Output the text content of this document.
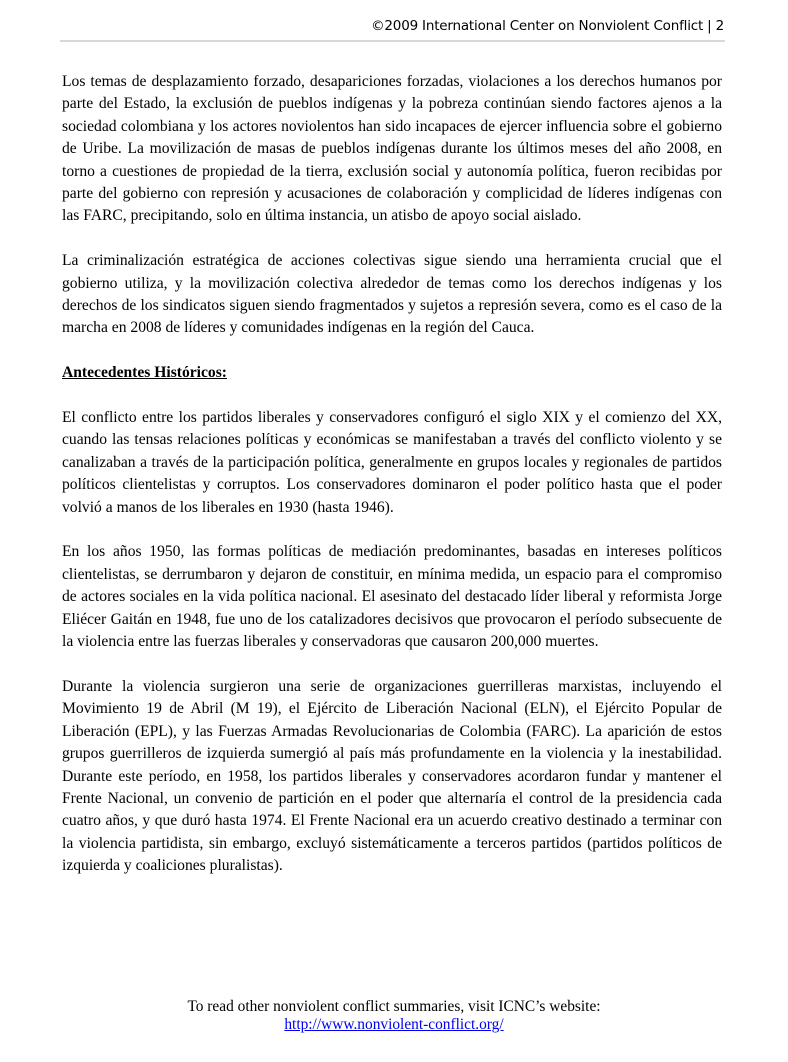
©2009 International Center on Nonviolent Conflict | 2

Los temas de desplazamiento forzado, desapariciones forzadas, violaciones a los derechos humanos por parte del Estado, la exclusión de pueblos indígenas y la pobreza continúan siendo factores ajenos a la sociedad colombiana y los actores noviolentos han sido incapaces de ejercer influencia sobre el gobierno de Uribe. La movilización de masas de pueblos indígenas durante los últimos meses del año 2008, en torno a cuestiones de propiedad de la tierra, exclusión social y autonomía política, fueron recibidas por parte del gobierno con represión y acusaciones de colaboración y complicidad de líderes indígenas con las FARC, precipitando, solo en última instancia, un atisbo de apoyo social aislado.

La criminalización estratégica de acciones colectivas sigue siendo una herramienta crucial que el gobierno utiliza, y la movilización colectiva alrededor de temas como los derechos indígenas y los derechos de los sindicatos siguen siendo fragmentados y sujetos a represión severa, como es el caso de la marcha en 2008 de líderes y comunidades indígenas en la región del Cauca.

Antecedentes Históricos:

El conflicto entre los partidos liberales y conservadores configuró el siglo XIX y el comienzo del XX, cuando las tensas relaciones políticas y económicas se manifestaban a través del conflicto violento y se canalizaban a través de la participación política, generalmente en grupos locales y regionales de partidos políticos clientelistas y corruptos. Los conservadores dominaron el poder político hasta que el poder volvió a manos de los liberales en 1930 (hasta 1946).

En los años 1950, las formas políticas de mediación predominantes, basadas en intereses políticos clientelistas, se derrumbaron y dejaron de constituir, en mínima medida, un espacio para el compromiso de actores sociales en la vida política nacional. El asesinato del destacado líder liberal y reformista Jorge Eliécer Gaitán en 1948, fue uno de los catalizadores decisivos que provocaron el período subsecuente de la violencia entre las fuerzas liberales y conservadoras que causaron 200,000 muertes.

Durante la violencia surgieron una serie de organizaciones guerrilleras marxistas, incluyendo el Movimiento 19 de Abril (M 19), el Ejército de Liberación Nacional (ELN), el Ejército Popular de Liberación (EPL), y las Fuerzas Armadas Revolucionarias de Colombia (FARC). La aparición de estos grupos guerrilleros de izquierda sumergió al país más profundamente en la violencia y la inestabilidad. Durante este período, en 1958, los partidos liberales y conservadores acordaron fundar y mantener el Frente Nacional, un convenio de partición en el poder que alternaría el control de la presidencia cada cuatro años, y que duró hasta 1974. El Frente Nacional era un acuerdo creativo destinado a terminar con la violencia partidista, sin embargo, excluyó sistemáticamente a terceros partidos (partidos políticos de izquierda y coaliciones pluralistas).

To read other nonviolent conflict summaries, visit ICNC’s website:
http://www.nonviolent-conflict.org/
